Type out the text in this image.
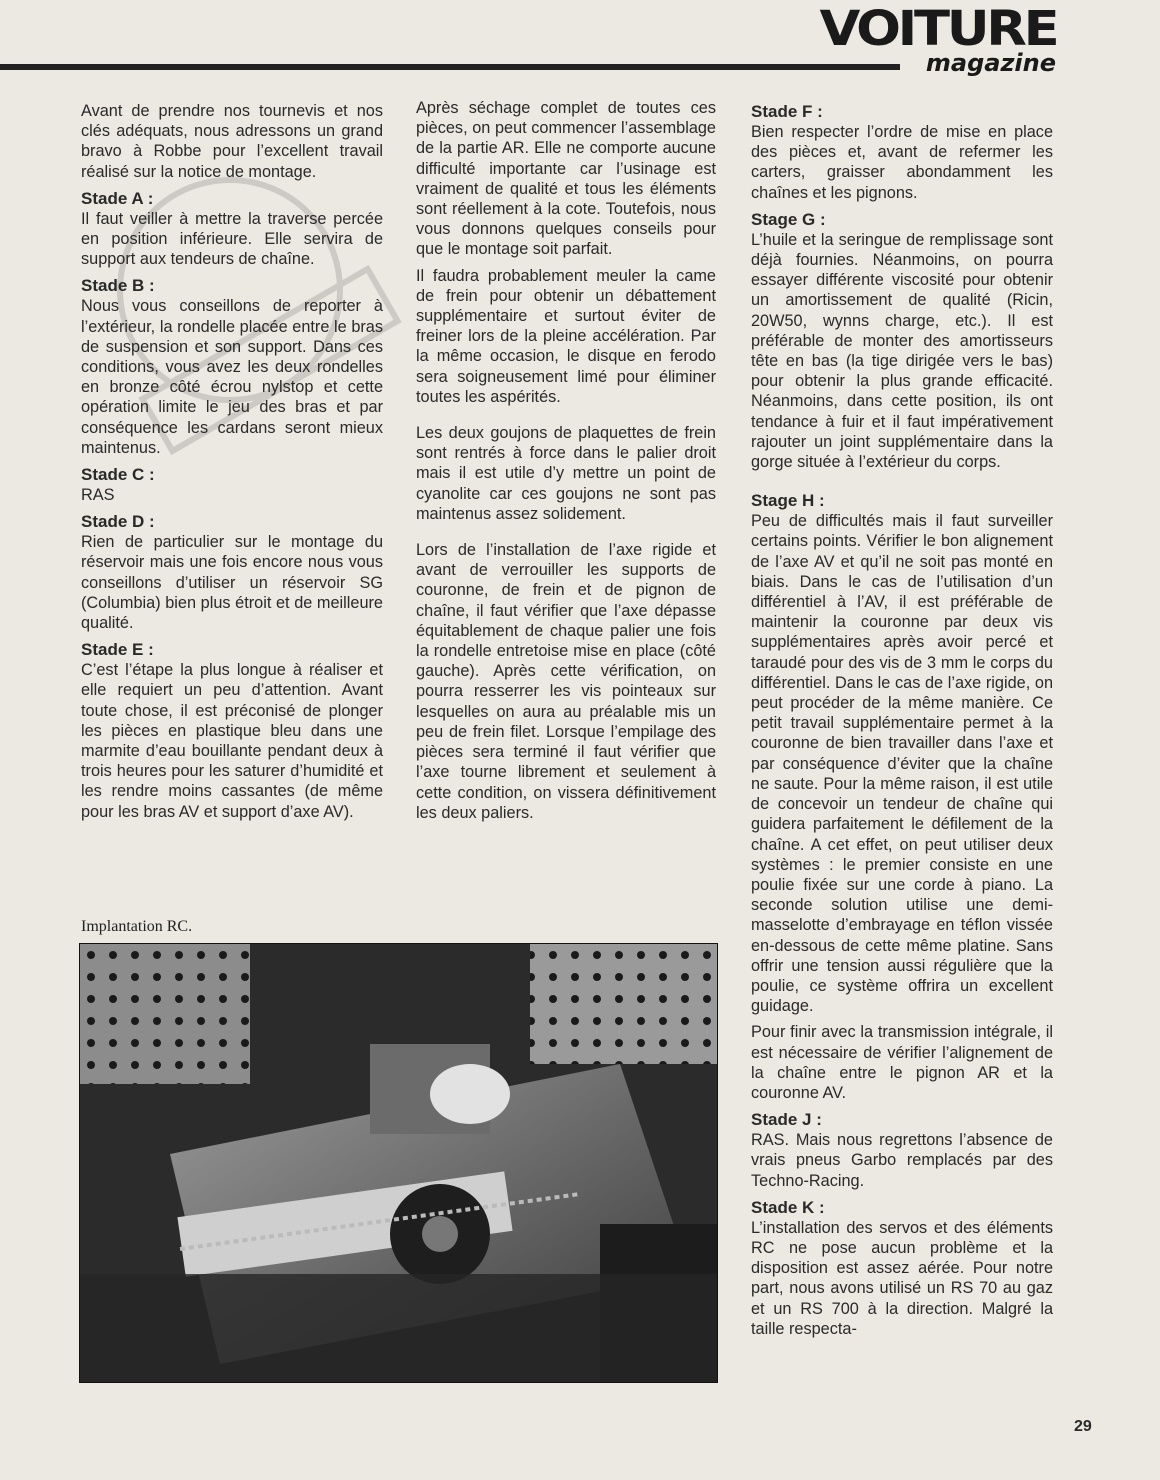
VOITURE
magazine

Avant de prendre nos tournevis et nos clés adéquats, nous adressons un grand bravo à Robbe pour l’excellent travail réalisé sur la notice de montage.

Stade A :

Il faut veiller à mettre la traverse percée en position inférieure. Elle servira de support aux tendeurs de chaîne.

Stade B :

Nous vous conseillons de reporter à l’extérieur, la rondelle placée entre le bras de suspension et son support. Dans ces conditions, vous avez les deux rondelles en bronze côté écrou nylstop et cette opération limite le jeu des bras et par conséquence les cardans seront mieux maintenus.

Stade C :

RAS

Stade D :

Rien de particulier sur le montage du réservoir mais une fois encore nous vous conseillons d’utiliser un réservoir SG (Columbia) bien plus étroit et de meilleure qualité.

Stade E :

C’est l’étape la plus longue à réaliser et elle requiert un peu d’attention. Avant toute chose, il est préconisé de plonger les pièces en plastique bleu dans une marmite d’eau bouillante pendant deux à trois heures pour les saturer d’humidité et les rendre moins cassantes (de même pour les bras AV et support d’axe AV).

Après séchage complet de toutes ces pièces, on peut commencer l’assemblage de la partie AR. Elle ne comporte aucune difficulté importante car l’usinage est vraiment de qualité et tous les éléments sont réellement à la cote. Toutefois, nous vous donnons quelques conseils pour que le montage soit parfait.

Il faudra probablement meuler la came de frein pour obtenir un débattement supplémentaire et surtout éviter de freiner lors de la pleine accélération. Par la même occasion, le disque en ferodo sera soigneusement limé pour éliminer toutes les aspérités.

Les deux goujons de plaquettes de frein sont rentrés à force dans le palier droit mais il est utile d’y mettre un point de cyanolite car ces goujons ne sont pas maintenus assez solidement.

Lors de l’installation de l’axe rigide et avant de verrouiller les supports de couronne, de frein et de pignon de chaîne, il faut vérifier que l’axe dépasse équitablement de chaque palier une fois la rondelle entretoise mise en place (côté gauche). Après cette vérification, on pourra resserrer les vis pointeaux sur lesquelles on aura au préalable mis un peu de frein filet. Lorsque l’empilage des pièces sera terminé il faut vérifier que l’axe tourne librement et seulement à cette condition, on vissera définitivement les deux paliers.

Stade F :

Bien respecter l’ordre de mise en place des pièces et, avant de refermer les carters, graisser abondamment les chaînes et les pignons.

Stage G :

L’huile et la seringue de remplissage sont déjà fournies. Néanmoins, on pourra essayer différente viscosité pour obtenir un amortissement de qualité (Ricin, 20W50, wynns charge, etc.). Il est préférable de monter des amortisseurs tête en bas (la tige dirigée vers le bas) pour obtenir la plus grande efficacité. Néanmoins, dans cette position, ils ont tendance à fuir et il faut impérativement rajouter un joint supplémentaire dans la gorge située à l’extérieur du corps.

Stage H :

Peu de difficultés mais il faut surveiller certains points. Vérifier le bon alignement de l’axe AV et qu’il ne soit pas monté en biais. Dans le cas de l’utilisation d’un différentiel à l’AV, il est préférable de maintenir la couronne par deux vis supplémentaires après avoir percé et taraudé pour des vis de 3 mm le corps du différentiel. Dans le cas de l’axe rigide, on peut procéder de la même manière. Ce petit travail supplémentaire permet à la couronne de bien travailler dans l’axe et par conséquence d’éviter que la chaîne ne saute. Pour la même raison, il est utile de concevoir un tendeur de chaîne qui guidera parfaitement le défilement de la chaîne. A cet effet, on peut utiliser deux systèmes : le premier consiste en une poulie fixée sur une corde à piano. La seconde solution utilise une demi-masselotte d’embrayage en téflon vissée en-dessous de cette même platine. Sans offrir une tension aussi régulière que la poulie, ce système offrira un excellent guidage.

Pour finir avec la transmission intégrale, il est nécessaire de vérifier l’alignement de la chaîne entre le pignon AR et la couronne AV.

Stade J :

RAS. Mais nous regrettons l’absence de vrais pneus Garbo remplacés par des Techno-Racing.

Stade K :

L’installation des servos et des éléments RC ne pose aucun problème et la disposition est assez aérée. Pour notre part, nous avons utilisé un RS 70 au gaz et un RS 700 à la direction. Malgré la taille respecta-

Implantation RC.
29
